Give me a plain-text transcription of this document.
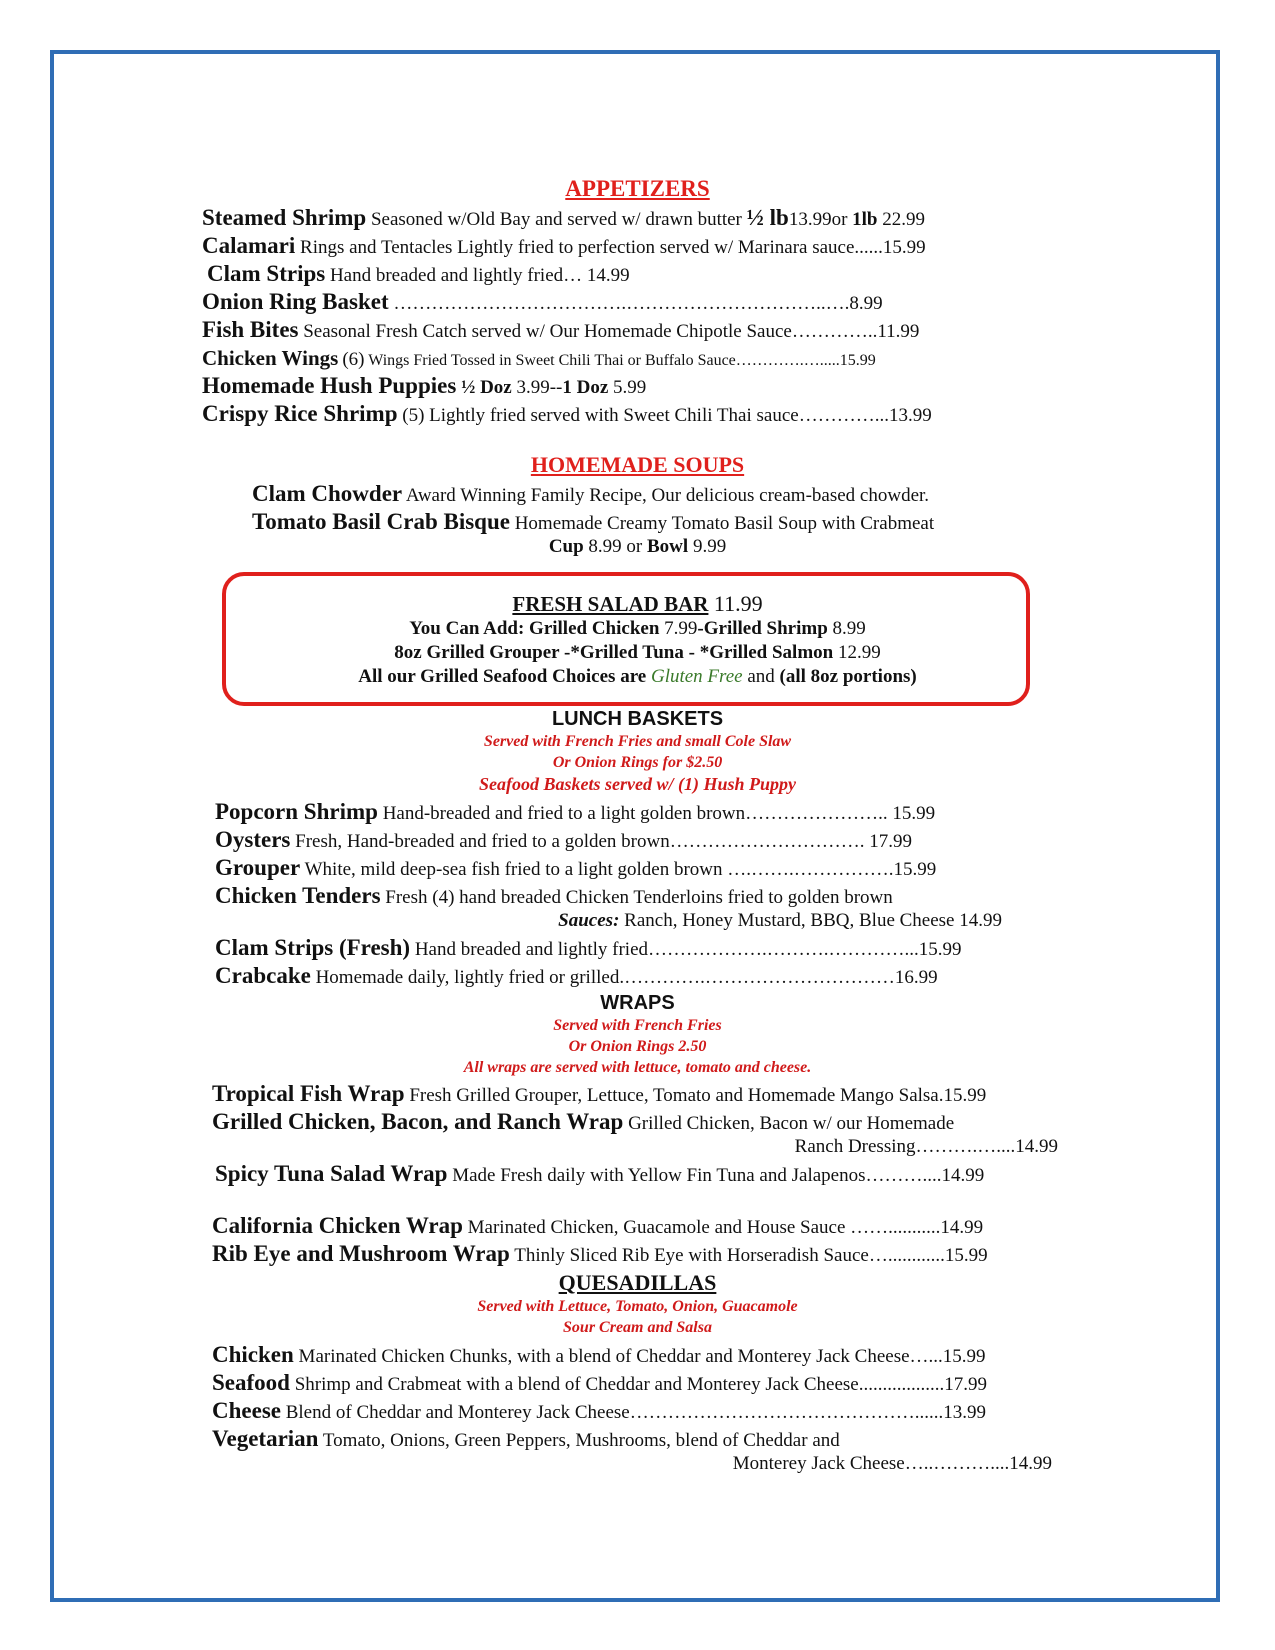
APPETIZERS
Steamed Shrimp Seasoned w/Old Bay and served w/ drawn butter ½ lb13.99or 1lb 22.99
Calamari Rings and Tentacles Lightly fried to perfection served w/ Marinara sauce......15.99
Clam Strips Hand breaded and lightly fried… 14.99
Onion Ring Basket ……………………………….…………………………..….8.99
Fish Bites Seasonal Fresh Catch served w/ Our Homemade Chipotle Sauce…………..11.99
Chicken Wings (6) Wings Fried Tossed in Sweet Chili Thai or Buffalo Sauce………….….....15.99
Homemade Hush Puppies ½ Doz 3.99--1 Doz 5.99
Crispy Rice Shrimp (5) Lightly fried served with Sweet Chili Thai sauce…………...13.99
HOMEMADE SOUPS
Clam Chowder Award Winning Family Recipe, Our delicious cream-based chowder.
Tomato Basil Crab Bisque Homemade Creamy Tomato Basil Soup with Crabmeat
Cup 8.99 or Bowl 9.99
FRESH SALAD BAR 11.99
You Can Add: Grilled Chicken 7.99-Grilled Shrimp 8.99
8oz Grilled Grouper -*Grilled Tuna - *Grilled Salmon 12.99
All our Grilled Seafood Choices are Gluten Free and (all 8oz portions)
LUNCH BASKETS
Served with French Fries and small Cole Slaw
Or Onion Rings for $2.50
Seafood Baskets served w/ (1) Hush Puppy
Popcorn Shrimp Hand-breaded and fried to a light golden brown………………….. 15.99
Oysters Fresh, Hand-breaded and fried to a golden brown…………………………. 17.99
Grouper White, mild deep-sea fish fried to a light golden brown ….…….…………….15.99
Chicken Tenders Fresh (4) hand breaded Chicken Tenderloins fried to golden brown
Sauces: Ranch, Honey Mustard, BBQ, Blue Cheese 14.99
Clam Strips (Fresh) Hand breaded and lightly fried……………….……….…………...15.99
Crabcake Homemade daily, lightly fried or grilled.………….…………………………16.99
WRAPS
Served with French Fries
Or Onion Rings 2.50
All wraps are served with lettuce, tomato and cheese.
Tropical Fish Wrap Fresh Grilled Grouper, Lettuce, Tomato and Homemade Mango Salsa.15.99
Grilled Chicken, Bacon, and Ranch Wrap Grilled Chicken, Bacon w/ our Homemade
Ranch Dressing……….…....14.99
Spicy Tuna Salad Wrap Made Fresh daily with Yellow Fin Tuna and Jalapenos………....14.99
California Chicken Wrap Marinated Chicken, Guacamole and House Sauce ……...........14.99
Rib Eye and Mushroom Wrap Thinly Sliced Rib Eye with Horseradish Sauce…............15.99
QUESADILLAS
Served with Lettuce, Tomato, Onion, Guacamole
Sour Cream and Salsa
Chicken Marinated Chicken Chunks, with a blend of Cheddar and Monterey Jack Cheese…...15.99
Seafood Shrimp and Crabmeat with a blend of Cheddar and Monterey Jack Cheese..................17.99
Cheese Blend of Cheddar and Monterey Jack Cheese………………………………………......13.99
Vegetarian Tomato, Onions, Green Peppers, Mushrooms, blend of Cheddar and
Monterey Jack Cheese…..………....14.99
